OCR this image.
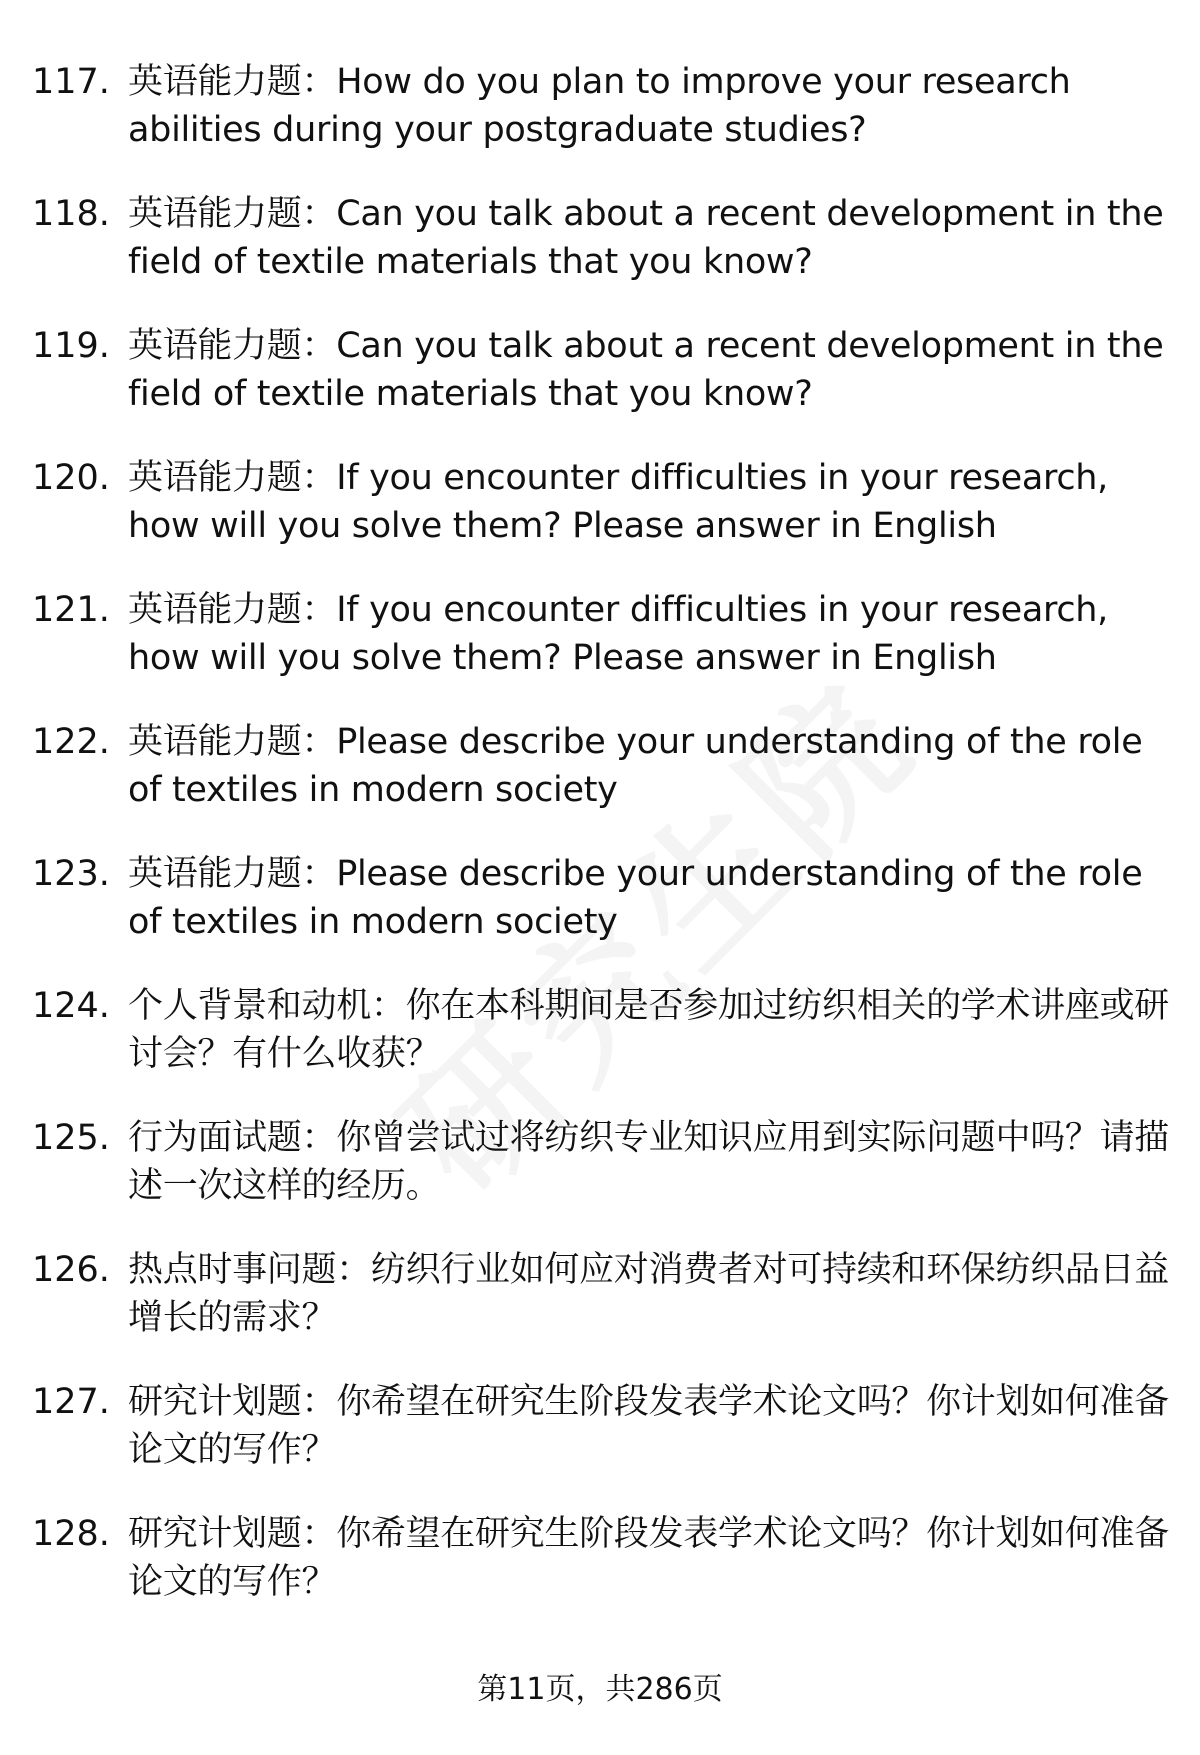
117. 英语能力题：How do you plan to improve your research abilities during your postgraduate studies?
118. 英语能力题：Can you talk about a recent development in the field of textile materials that you know?
119. 英语能力题：Can you talk about a recent development in the field of textile materials that you know?
120. 英语能力题：If you encounter difficulties in your research, how will you solve them? Please answer in English
121. 英语能力题：If you encounter difficulties in your research, how will you solve them? Please answer in English
122. 英语能力题：Please describe your understanding of the role of textiles in modern society
123. 英语能力题：Please describe your understanding of the role of textiles in modern society
124. 个人背景和动机：你在本科期间是否参加过纺织相关的学术讲座或研讨会？有什么收获？
125. 行为面试题：你曾尝试过将纺织专业知识应用到实际问题中吗？请描述一次这样的经历。
126. 热点时事问题：纺织行业如何应对消费者对可持续和环保纺织品日益增长的需求？
127. 研究计划题：你希望在研究生阶段发表学术论文吗？你计划如何准备论文的写作？
128. 研究计划题：你希望在研究生阶段发表学术论文吗？你计划如何准备论文的写作？
第11页，共286页
